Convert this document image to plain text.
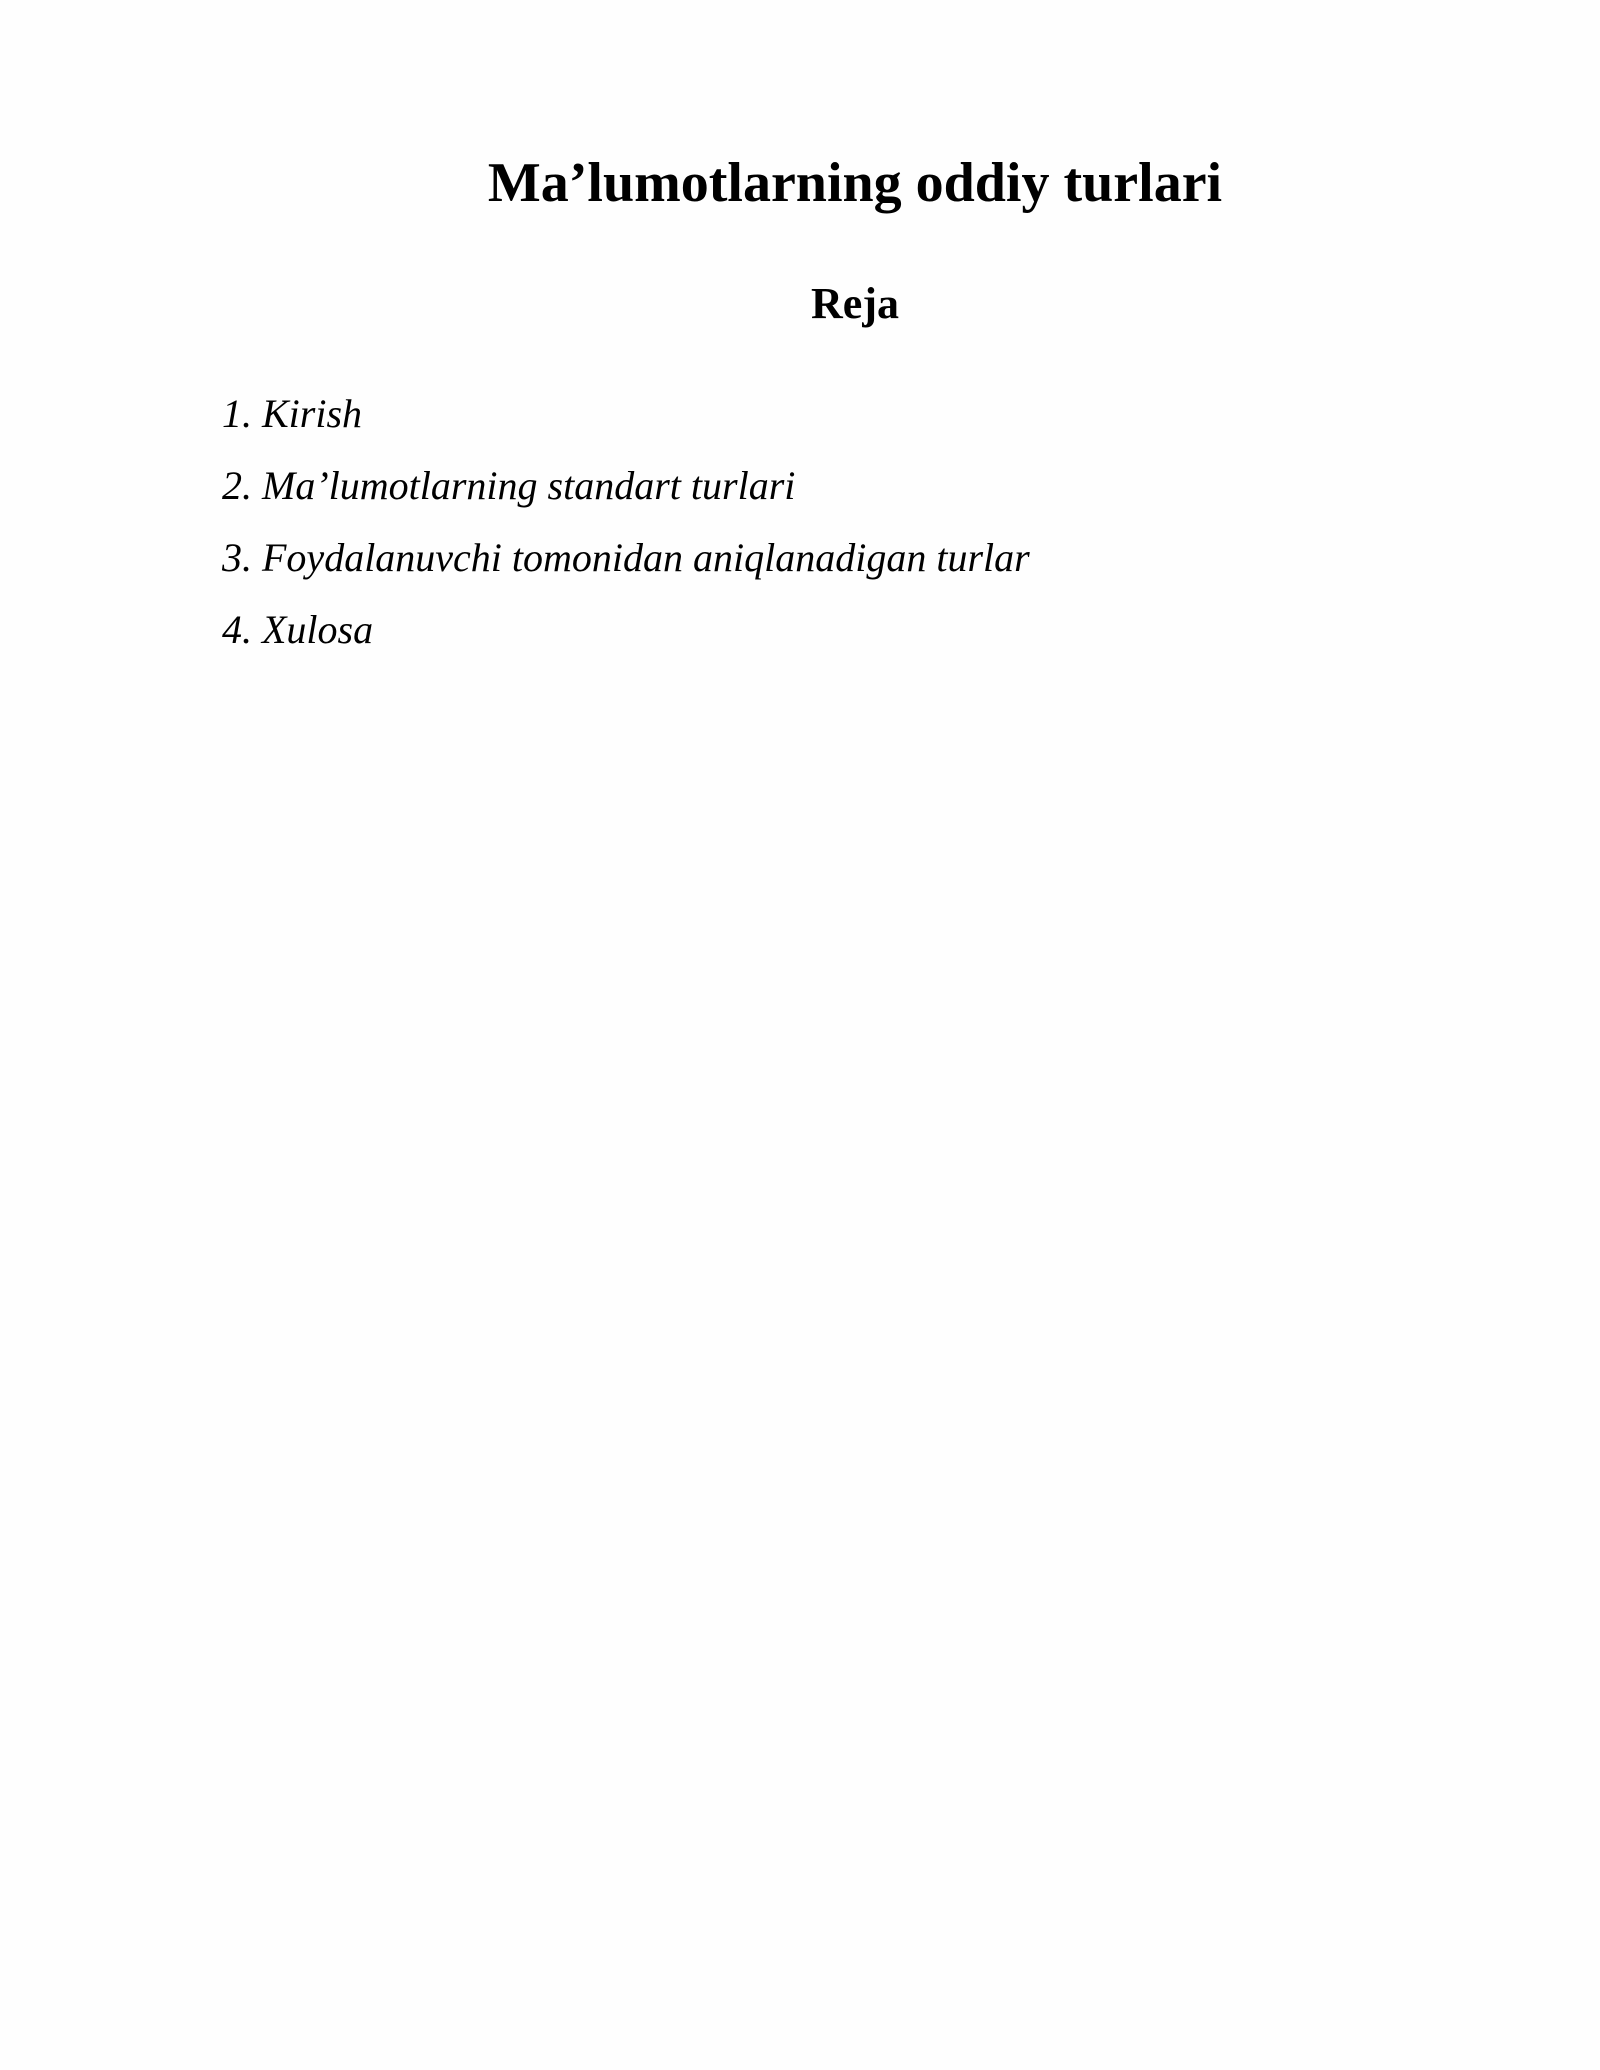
Ma’lumotlarning oddiy turlari
Reja
1. Kirish
2. Ma’lumotlarning standart turlari
3. Foydalanuvchi tomonidan aniqlanadigan turlar
4. Xulosa
